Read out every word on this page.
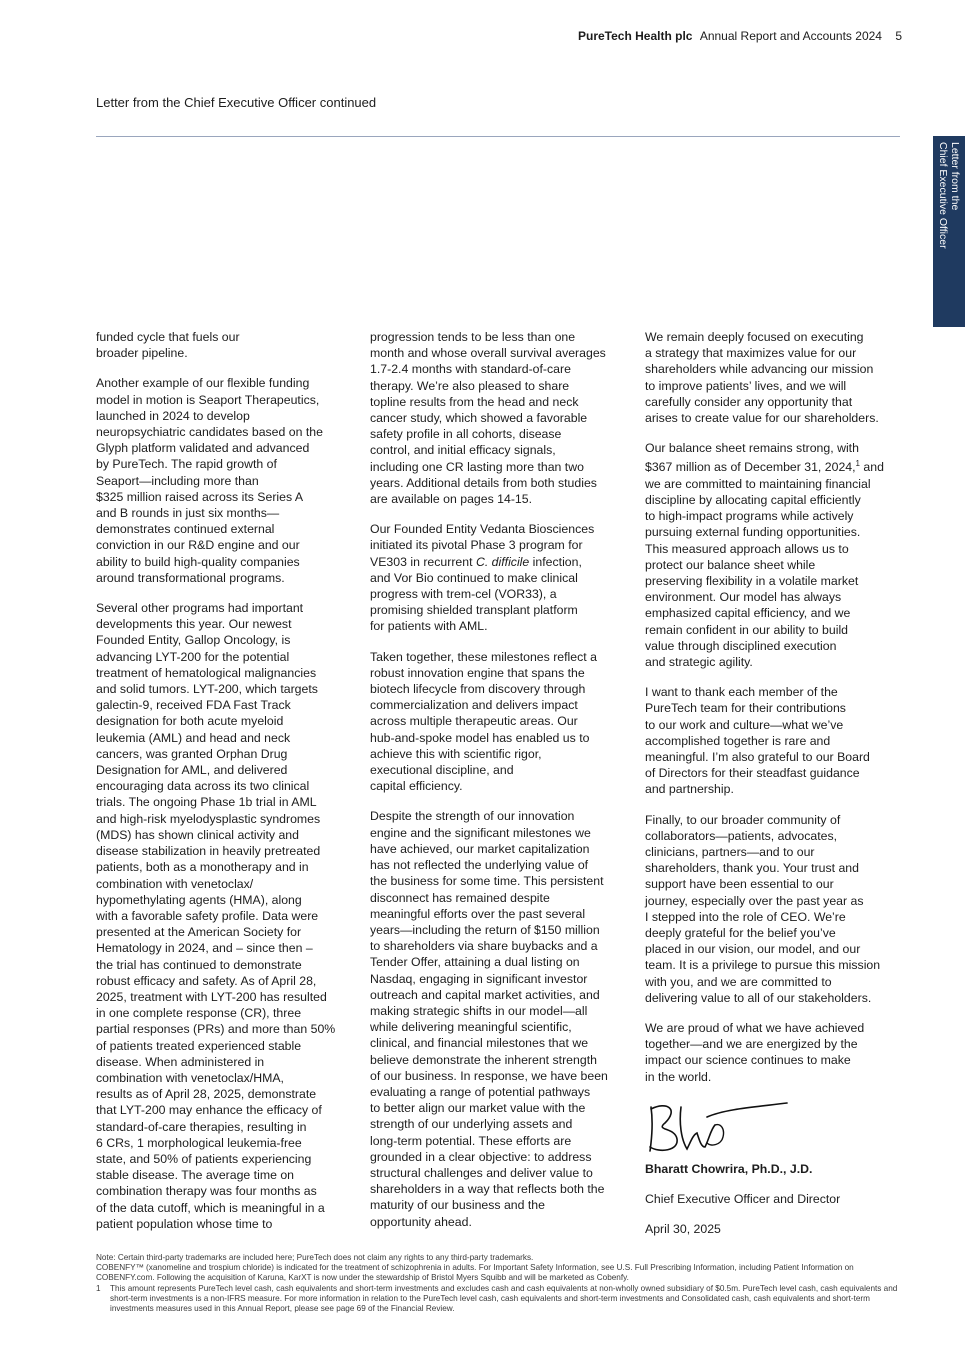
PureTech Health plc Annual Report and Accounts 2024 5
Letter from the Chief Executive Officer continued
Letter from the
Chief Executive Officer

funded cycle that fuels our
broader pipeline.

Another example of our flexible funding
model in motion is Seaport Therapeutics,
launched in 2024 to develop
neuropsychiatric candidates based on the
Glyph platform validated and advanced
by PureTech. The rapid growth of
Seaport—including more than
$325 million raised across its Series A
and B rounds in just six months—
demonstrates continued external
conviction in our R&D engine and our
ability to build high-quality companies
around transformational programs.

Several other programs had important
developments this year. Our newest
Founded Entity, Gallop Oncology, is
advancing LYT-200 for the potential
treatment of hematological malignancies
and solid tumors. LYT-200, which targets
galectin-9, received FDA Fast Track
designation for both acute myeloid
leukemia (AML) and head and neck
cancers, was granted Orphan Drug
Designation for AML, and delivered
encouraging data across its two clinical
trials. The ongoing Phase 1b trial in AML
and high-risk myelodysplastic syndromes
(MDS) has shown clinical activity and
disease stabilization in heavily pretreated
patients, both as a monotherapy and in
combination with venetoclax/
hypomethylating agents (HMA), along
with a favorable safety profile. Data were
presented at the American Society for
Hematology in 2024, and – since then –
the trial has continued to demonstrate
robust efficacy and safety. As of April 28,
2025, treatment with LYT-200 has resulted
in one complete response (CR), three
partial responses (PRs) and more than 50%
of patients treated experienced stable
disease. When administered in
combination with venetoclax/HMA,
results as of April 28, 2025, demonstrate
that LYT-200 may enhance the efficacy of
standard-of-care therapies, resulting in
6 CRs, 1 morphological leukemia-free
state, and 50% of patients experiencing
stable disease. The average time on
combination therapy was four months as
of the data cutoff, which is meaningful in a
patient population whose time to

progression tends to be less than one
month and whose overall survival averages
1.7-2.4 months with standard-of-care
therapy. We’re also pleased to share
topline results from the head and neck
cancer study, which showed a favorable
safety profile in all cohorts, disease
control, and initial efficacy signals,
including one CR lasting more than two
years. Additional details from both studies
are available on pages 14-15.

Our Founded Entity Vedanta Biosciences
initiated its pivotal Phase 3 program for
VE303 in recurrent C. difficile infection,
and Vor Bio continued to make clinical
progress with trem-cel (VOR33), a
promising shielded transplant platform
for patients with AML.

Taken together, these milestones reflect a
robust innovation engine that spans the
biotech lifecycle from discovery through
commercialization and delivers impact
across multiple therapeutic areas. Our
hub-and-spoke model has enabled us to
achieve this with scientific rigor,
executional discipline, and
capital efficiency.

Despite the strength of our innovation
engine and the significant milestones we
have achieved, our market capitalization
has not reflected the underlying value of
the business for some time. This persistent
disconnect has remained despite
meaningful efforts over the past several
years—including the return of $150 million
to shareholders via share buybacks and a
Tender Offer, attaining a dual listing on
Nasdaq, engaging in significant investor
outreach and capital market activities, and
making strategic shifts in our model—all
while delivering meaningful scientific,
clinical, and financial milestones that we
believe demonstrate the inherent strength
of our business. In response, we have been
evaluating a range of potential pathways
to better align our market value with the
strength of our underlying assets and
long-term potential. These efforts are
grounded in a clear objective: to address
structural challenges and deliver value to
shareholders in a way that reflects both the
maturity of our business and the
opportunity ahead.

We remain deeply focused on executing
a strategy that maximizes value for our
shareholders while advancing our mission
to improve patients’ lives, and we will
carefully consider any opportunity that
arises to create value for our shareholders.

Our balance sheet remains strong, with
$367 million as of December 31, 2024,$^1$ and
we are committed to maintaining financial
discipline by allocating capital efficiently
to high-impact programs while actively
pursuing external funding opportunities.
This measured approach allows us to
protect our balance sheet while
preserving flexibility in a volatile market
environment. Our model has always
emphasized capital efficiency, and we
remain confident in our ability to build
value through disciplined execution
and strategic agility.

I want to thank each member of the
PureTech team for their contributions
to our work and culture—what we’ve
accomplished together is rare and
meaningful. I’m also grateful to our Board
of Directors for their steadfast guidance
and partnership.

Finally, to our broader community of
collaborators—patients, advocates,
clinicians, partners—and to our
shareholders, thank you. Your trust and
support have been essential to our
journey, especially over the past year as
I stepped into the role of CEO. We’re
deeply grateful for the belief you’ve
placed in our vision, our model, and our
team. It is a privilege to pursue this mission
with you, and we are committed to
delivering value to all of our stakeholders.

We are proud of what we have achieved
together—and we are energized by the
impact our science continues to make
in the world.

Bharatt Chowrira, Ph.D., J.D.

Chief Executive Officer and Director

April 30, 2025

Note: Certain third-party trademarks are included here; PureTech does not claim any rights to any third-party trademarks.

COBENFY™ (xanomeline and trospium chloride) is indicated for the treatment of schizophrenia in adults. For Important Safety Information, see U.S. Full Prescribing Information, including Patient Information on COBENFY.com. Following the acquisition of Karuna, KarXT is now under the stewardship of Bristol Myers Squibb and will be marketed as Cobenfy.

1	This amount represents PureTech level cash, cash equivalents and short-term investments and excludes cash and cash equivalents at non-wholly owned subsidiary of $0.5m. PureTech level cash, cash equivalents and short-term investments is a non-IFRS measure. For more information in relation to the PureTech level cash, cash equivalents and short-term investments and Consolidated cash, cash equivalents and short-term investments measures used in this Annual Report, please see page 69 of the Financial Review.
